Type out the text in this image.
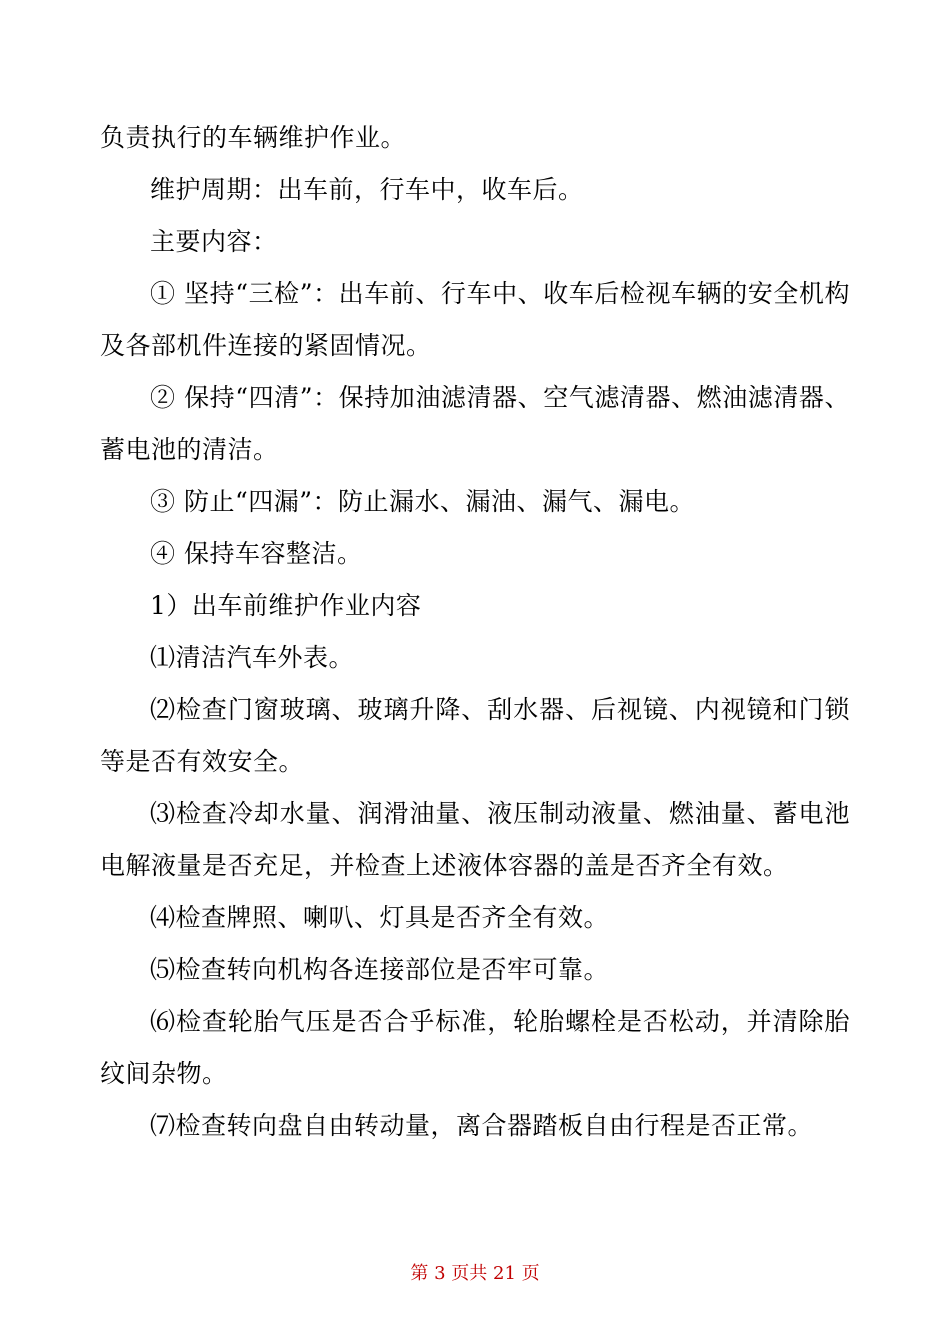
负责执行的车辆维护作业。

维护周期：出车前，行车中，收车后。

主要内容：

① 坚持“三检”：出车前、行车中、收车后检视车辆的安全机构及各部机件连接的紧固情况。

② 保持“四清”：保持加油滤清器、空气滤清器、燃油滤清器、蓄电池的清洁。

③ 防止“四漏”：防止漏水、漏油、漏气、漏电。

④ 保持车容整洁。

1）出车前维护作业内容

⑴清洁汽车外表。

⑵检查门窗玻璃、玻璃升降、刮水器、后视镜、内视镜和门锁等是否有效安全。

⑶检查冷却水量、润滑油量、液压制动液量、燃油量、蓄电池电解液量是否充足，并检查上述液体容器的盖是否齐全有效。

⑷检查牌照、喇叭、灯具是否齐全有效。

⑸检查转向机构各连接部位是否牢可靠。

⑹检查轮胎气压是否合乎标准，轮胎螺栓是否松动，并清除胎纹间杂物。

⑺检查转向盘自由转动量，离合器踏板自由行程是否正常。

第 3 页共 21 页
